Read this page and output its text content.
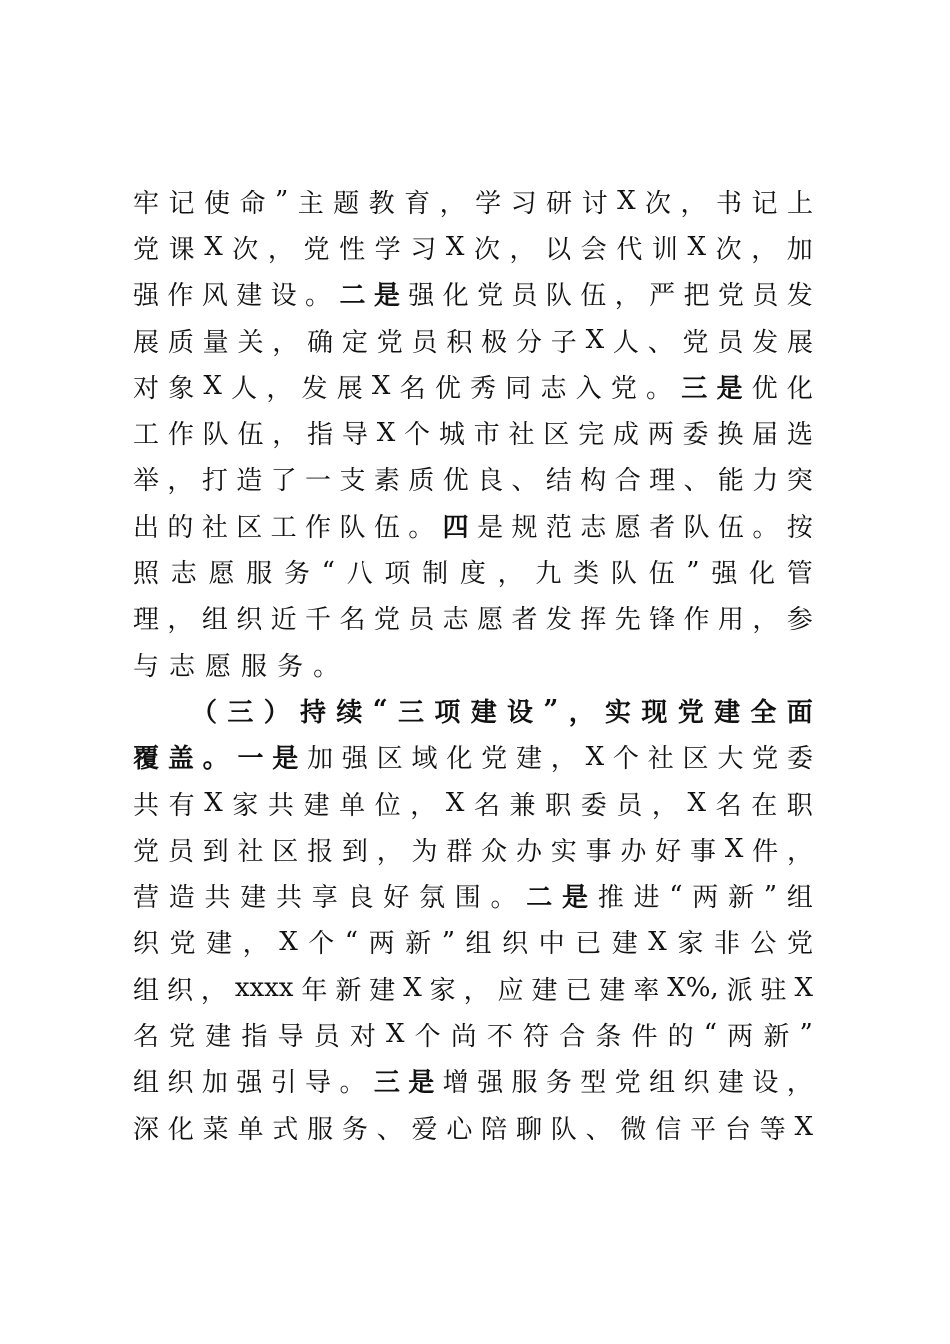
牢 记 使 命 ” 主 题 教 育 ， 学 习 研 讨 X 次 ， 书 记 上
党 课 X 次 ， 党 性 学 习 X 次 ， 以 会 代 训 X 次 ， 加
强 作 风 建 设 。 二 是 强 化 党 员 队 伍 ， 严 把 党 员 发
展 质 量 关 ， 确 定 党 员 积 极 分 子 X 人 、 党 员 发 展
对 象 X 人 ， 发 展 X 名 优 秀 同 志 入 党 。 三 是 优 化
工 作 队 伍 ， 指 导 X 个 城 市 社 区 完 成 两 委 换 届 选
举 ， 打 造 了 一 支 素 质 优 良 、 结 构 合 理 、 能 力 突
出 的 社 区 工 作 队 伍 。 四 是 规 范 志 愿 者 队 伍 。 按
照 志 愿 服 务 “ 八 项 制 度 ， 九 类 队 伍 ” 强 化 管
理 ， 组 织 近 千 名 党 员 志 愿 者 发 挥 先 锋 作 用 ， 参
与 志 愿 服 务 。
（ 三 ） 持 续 “ 三 项 建 设 ” ， 实 现 党 建 全 面
覆 盖 。 一 是 加 强 区 域 化 党 建 ， X 个 社 区 大 党 委
共 有 X 家 共 建 单 位 ， X 名 兼 职 委 员 ， X 名 在 职
党 员 到 社 区 报 到 ， 为 群 众 办 实 事 办 好 事 X 件 ，
营 造 共 建 共 享 良 好 氛 围 。 二 是 推 进 “ 两 新 ” 组
织 党 建 ， X 个 “ 两 新 ” 组 织 中 已 建 X 家 非 公 党
组 织 ， xxxx 年 新 建 X 家 ， 应 建 已 建 率 X%, 派 驻 X
名 党 建 指 导 员 对 X 个 尚 不 符 合 条 件 的 “ 两 新 ”
组 织 加 强 引 导 。 三 是 增 强 服 务 型 党 组 织 建 设 ，
深 化 菜 单 式 服 务 、 爱 心 陪 聊 队 、 微 信 平 台 等 X
